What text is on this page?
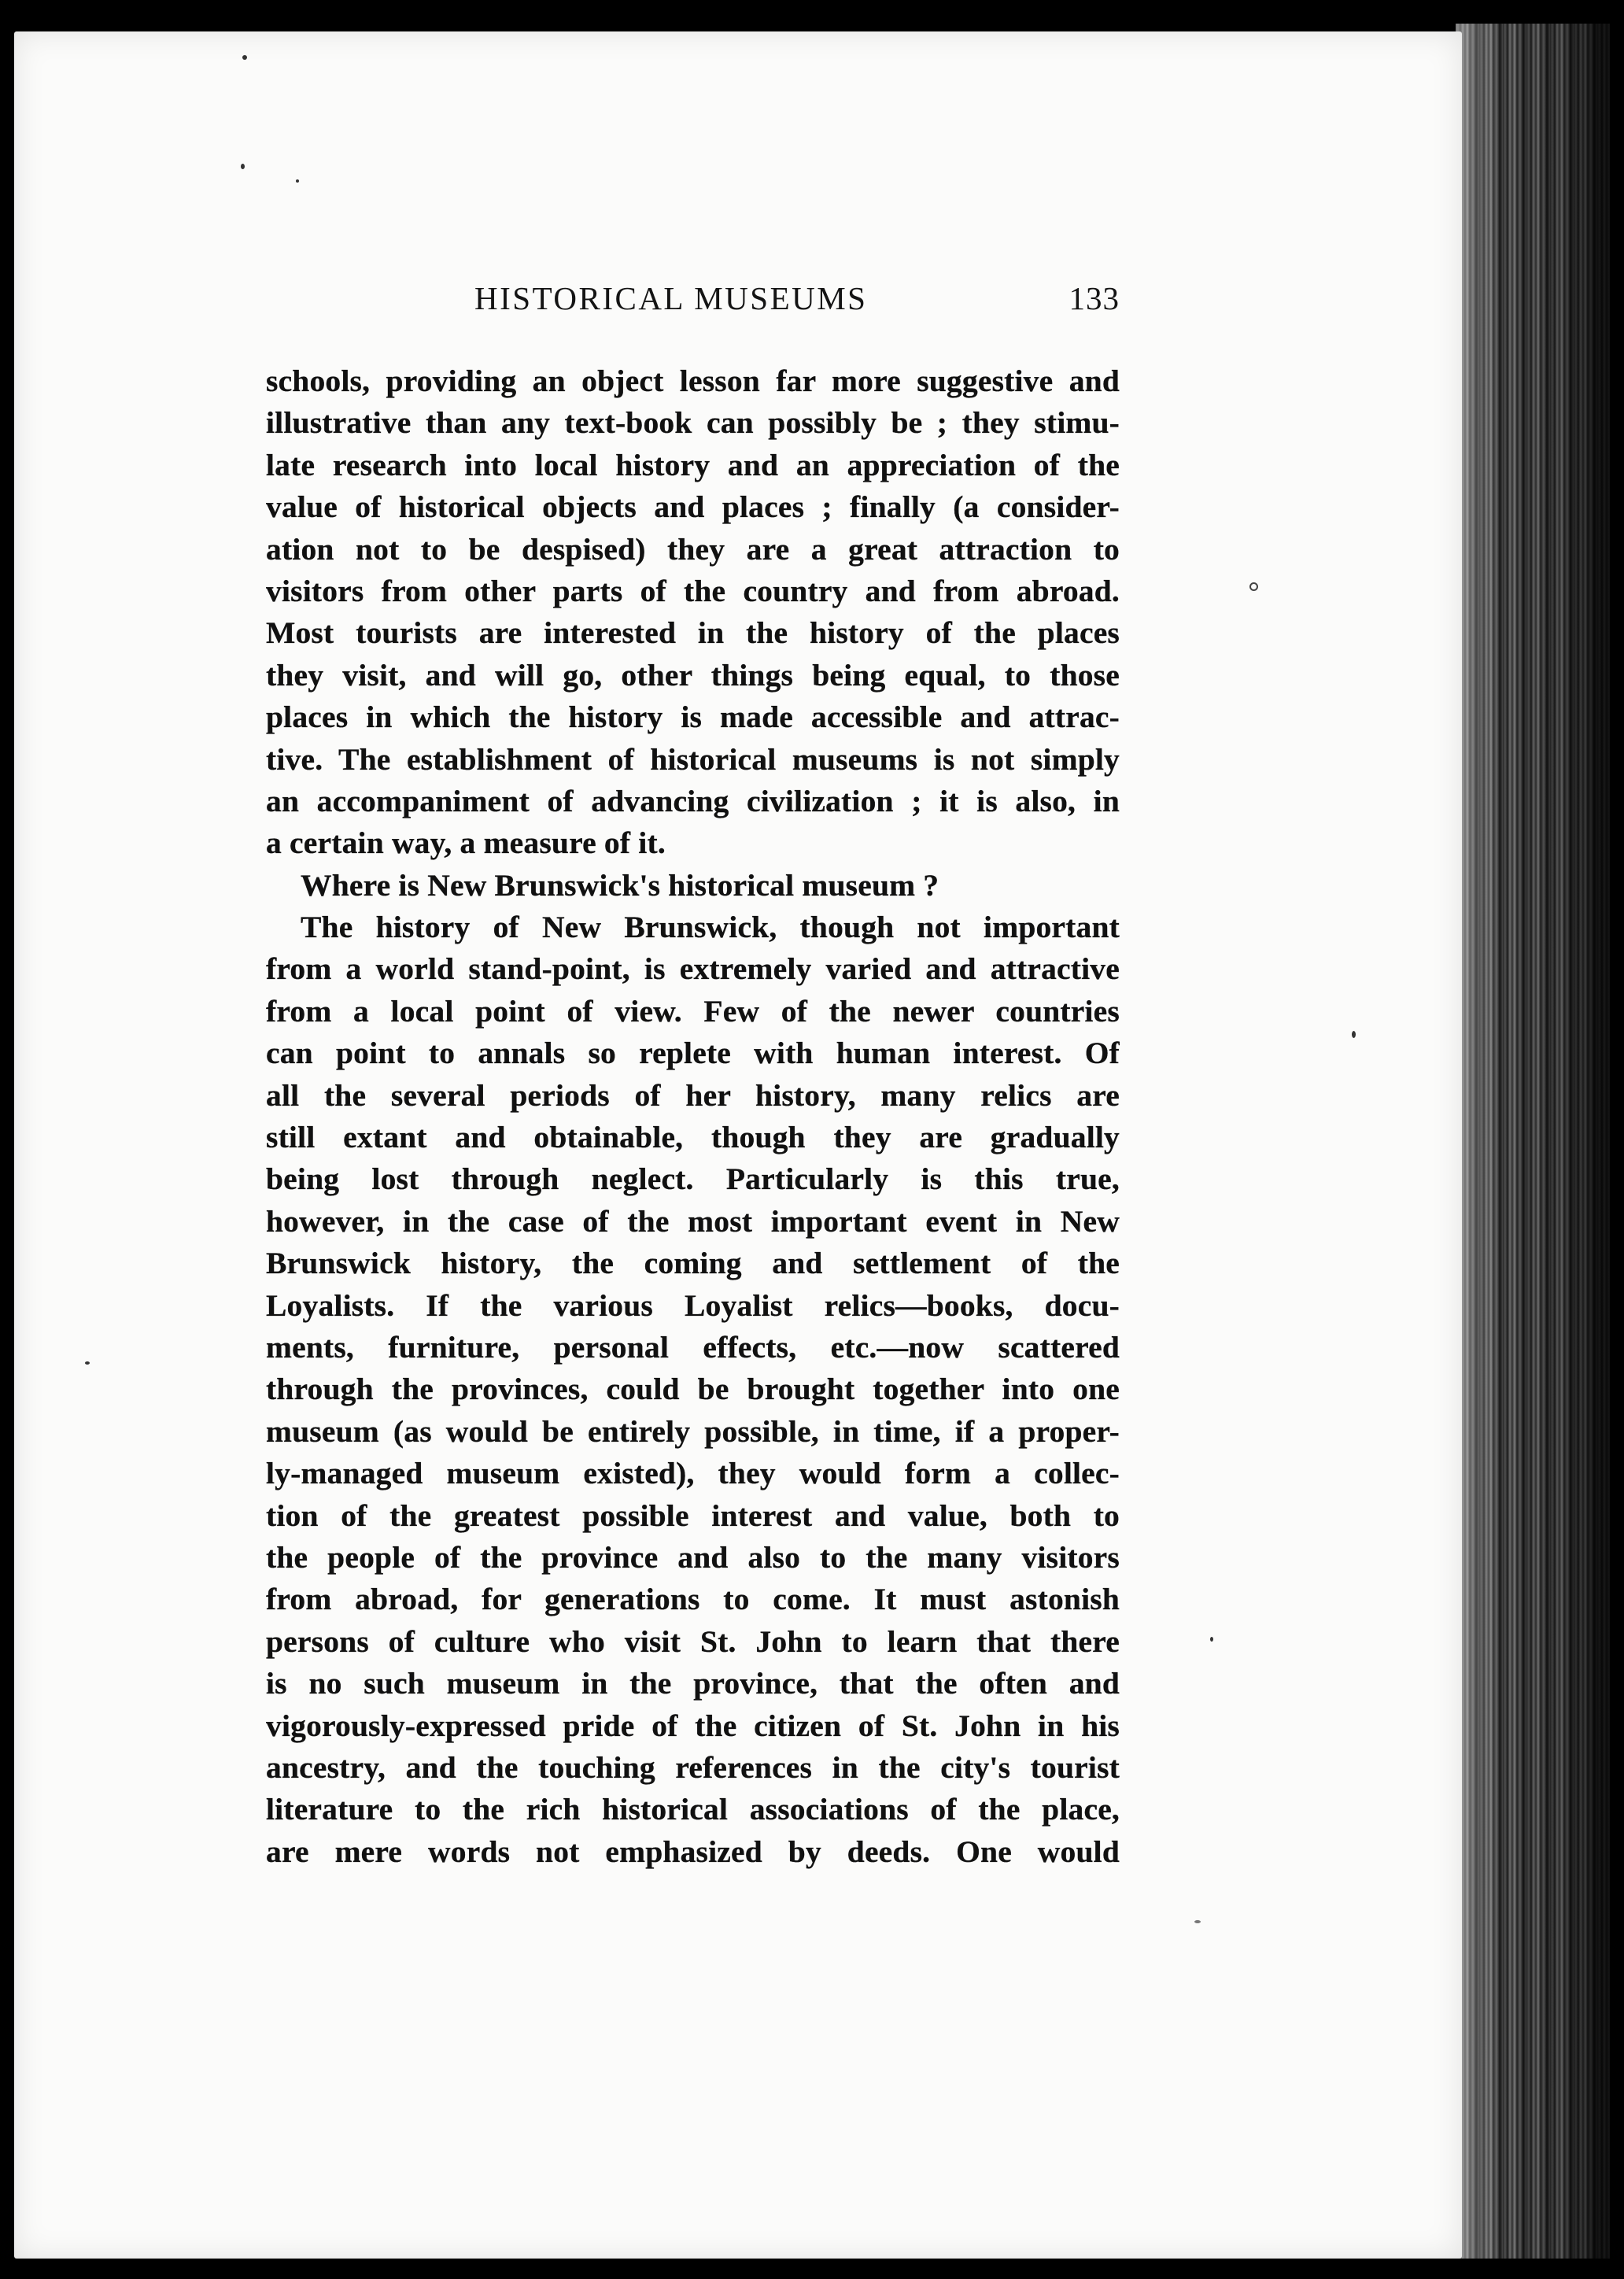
HISTORICAL MUSEUMS	133
schools, providing an object lesson far more suggestive and
illustrative than any text-book can possibly be ; they stimu-
late research into local history and an appreciation of the
value of historical objects and places ; finally (a consider-
ation not to be despised) they are a great attraction to
visitors from other parts of the country and from abroad.
Most tourists are interested in the history of the places
they visit, and will go, other things being equal, to those
places in which the history is made accessible and attrac-
tive. The establishment of historical museums is not simply
an accompaniment of advancing civilization ; it is also, in
a certain way, a measure of it.
Where is New Brunswick's historical museum ?
The history of New Brunswick, though not important
from a world stand-point, is extremely varied and attractive
from a local point of view. Few of the newer countries
can point to annals so replete with human interest. Of
all the several periods of her history, many relics are
still extant and obtainable, though they are gradually
being lost through neglect. Particularly is this true,
however, in the case of the most important event in New
Brunswick history, the coming and settlement of the
Loyalists. If the various Loyalist relics—books, docu-
ments, furniture, personal effects, etc.—now scattered
through the provinces, could be brought together into one
museum (as would be entirely possible, in time, if a proper-
ly-managed museum existed), they would form a collec-
tion of the greatest possible interest and value, both to
the people of the province and also to the many visitors
from abroad, for generations to come. It must astonish
persons of culture who visit St. John to learn that there
is no such museum in the province, that the often and
vigorously-expressed pride of the citizen of St. John in his
ancestry, and the touching references in the city's tourist
literature to the rich historical associations of the place,
are mere words not emphasized by deeds. One would
